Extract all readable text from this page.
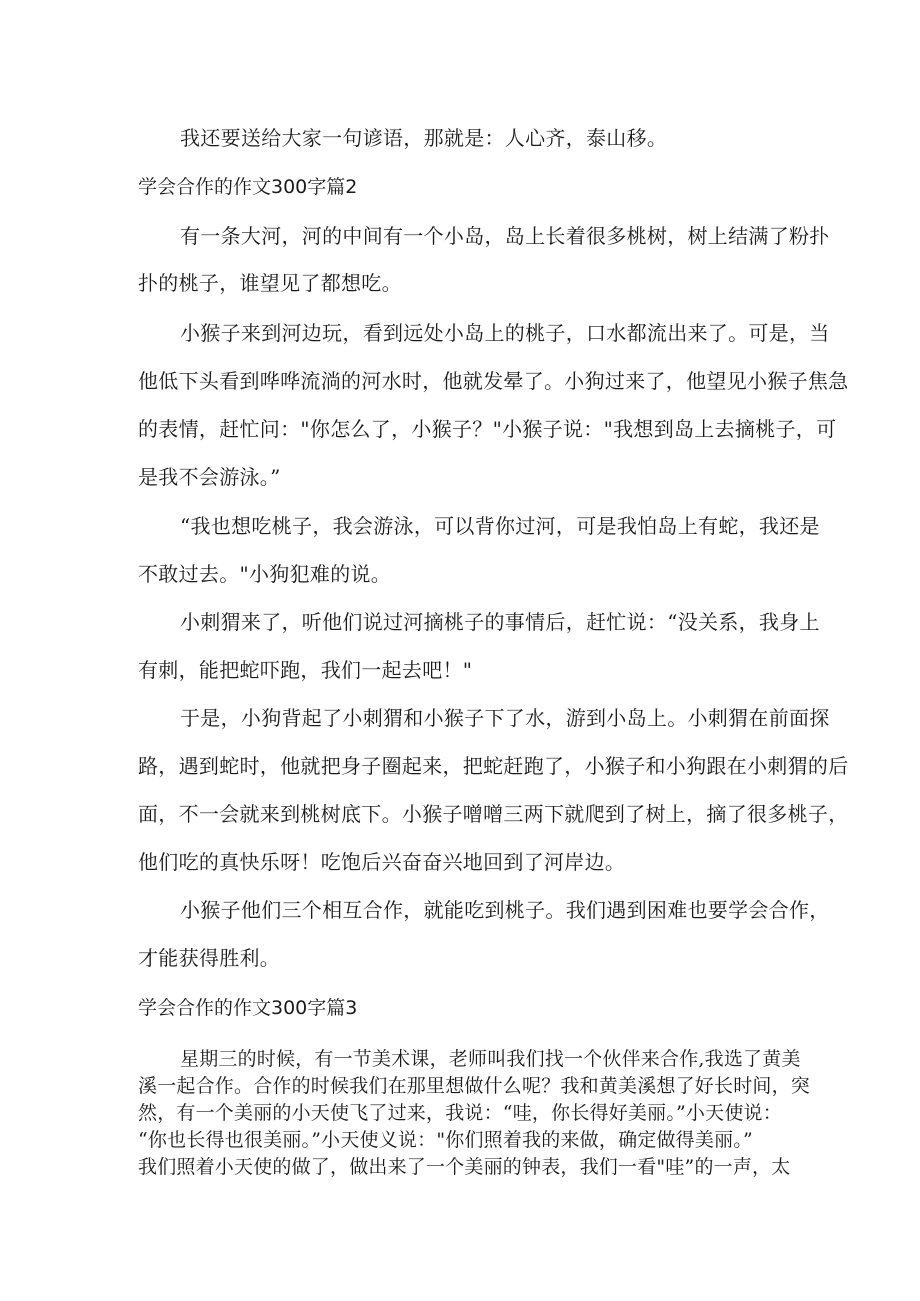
我还要送给大家一句谚语，那就是：人心齐，泰山移。
学会合作的作文300字篇2
有一条大河，河的中间有一个小岛，岛上长着很多桃树，树上结满了粉扑
扑的桃子，谁望见了都想吃。
小猴子来到河边玩，看到远处小岛上的桃子，口水都流出来了。可是，当
他低下头看到哗哗流淌的河水时，他就发晕了。小狗过来了，他望见小猴子焦急
的表情，赶忙问："你怎么了，小猴子？"小猴子说："我想到岛上去摘桃子，可
是我不会游泳。”
“我也想吃桃子，我会游泳，可以背你过河，可是我怕岛上有蛇，我还是
不敢过去。"小狗犯难的说。
小刺猬来了，听他们说过河摘桃子的事情后，赶忙说：“没关系，我身上
有刺，能把蛇吓跑，我们一起去吧！"
于是，小狗背起了小刺猬和小猴子下了水，游到小岛上。小刺猬在前面探
路，遇到蛇时，他就把身子圈起来，把蛇赶跑了，小猴子和小狗跟在小刺猬的后
面，不一会就来到桃树底下。小猴子噌噌三两下就爬到了树上，摘了很多桃子，
他们吃的真快乐呀！吃饱后兴奋奋兴地回到了河岸边。
小猴子他们三个相互合作，就能吃到桃子。我们遇到困难也要学会合作，
才能获得胜利。
学会合作的作文300字篇3
星期三的时候，有一节美术课，老师叫我们找一个伙伴来合作,我选了黄美
溪一起合作。合作的时候我们在那里想做什么呢？我和黄美溪想了好长时间，突
然，有一个美丽的小天使飞了过来，我说：“哇，你长得好美丽。”小天使说：
“你也长得也很美丽。”小天使义说："你们照着我的来做，确定做得美丽。”
我们照着小天使的做了，做出来了一个美丽的钟表，我们一看"哇”的一声，太
